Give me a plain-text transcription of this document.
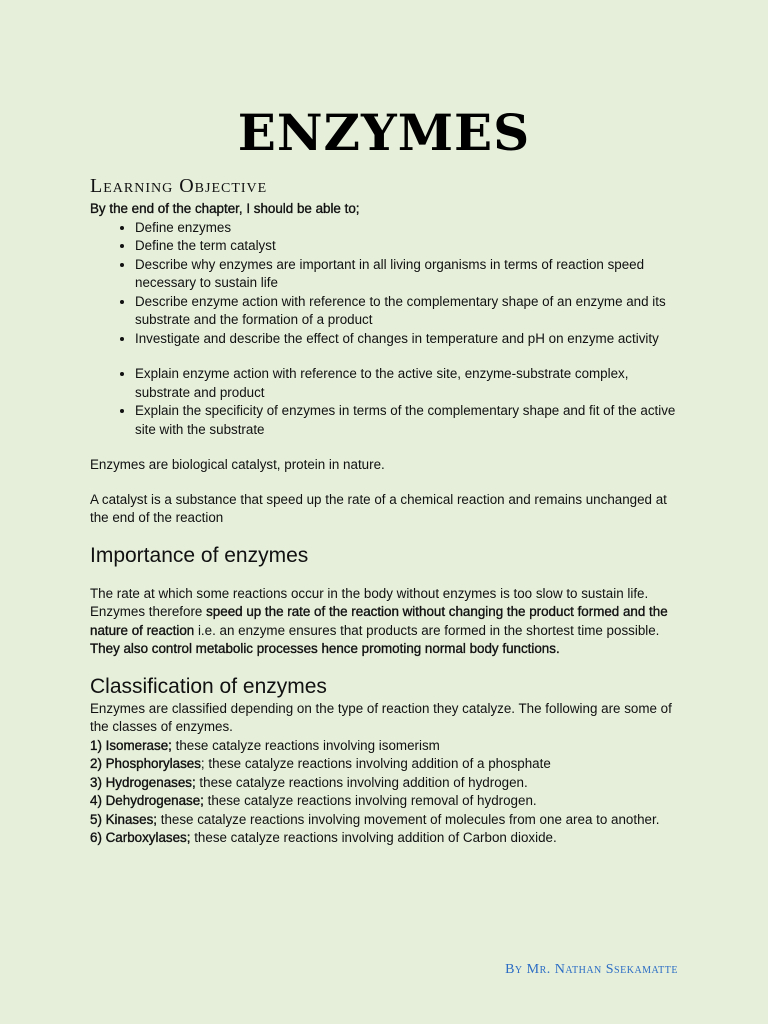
ENZYMES
Learning Objective

By the end of the chapter, I should be able to;

• Define enzymes
• Define the term catalyst
• Describe why enzymes are important in all living organisms in terms of reaction speed necessary to sustain life
• Describe enzyme action with reference to the complementary shape of an enzyme and its substrate and the formation of a product
• Investigate and describe the effect of changes in temperature and pH on enzyme activity
• Explain enzyme action with reference to the active site, enzyme-substrate complex, substrate and product
• Explain the specificity of enzymes in terms of the complementary shape and fit of the active site with the substrate

Enzymes are biological catalyst, protein in nature.

A catalyst is a substance that speed up the rate of a chemical reaction and remains unchanged at the end of the reaction

Importance of enzymes

The rate at which some reactions occur in the body without enzymes is too slow to sustain life. Enzymes therefore speed up the rate of the reaction without changing the product formed and the nature of reaction i.e. an enzyme ensures that products are formed in the shortest time possible.

They also control metabolic processes hence promoting normal body functions.

Classification of enzymes

Enzymes are classified depending on the type of reaction they catalyze. The following are some of the classes of enzymes.

1) Isomerase; these catalyze reactions involving isomerism

2) Phosphorylases; these catalyze reactions involving addition of a phosphate

3) Hydrogenases; these catalyze reactions involving addition of hydrogen.

4) Dehydrogenase; these catalyze reactions involving removal of hydrogen.

5) Kinases; these catalyze reactions involving movement of molecules from one area to another.

6) Carboxylases; these catalyze reactions involving addition of Carbon dioxide.

By Mr. Nathan Ssekamatte
